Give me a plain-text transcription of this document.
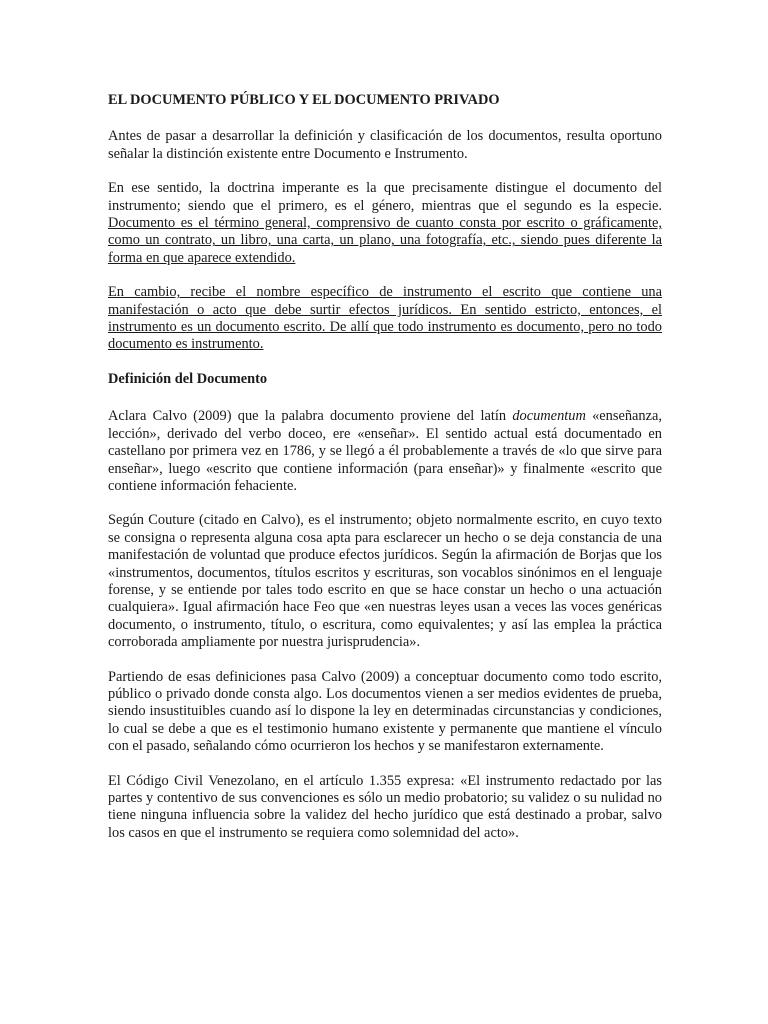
EL DOCUMENTO PÚBLICO Y EL DOCUMENTO PRIVADO

Antes de pasar a desarrollar la definición y clasificación de los documentos, resulta oportuno señalar la distinción existente entre Documento e Instrumento.

En ese sentido, la doctrina imperante es la que precisamente distingue el documento del instrumento; siendo que el primero, es el género, mientras que el segundo es la especie. Documento es el término general, comprensivo de cuanto consta por escrito o gráficamente, como un contrato, un libro, una carta, un plano, una fotografía, etc., siendo pues diferente la forma en que aparece extendido.

En cambio, recibe el nombre específico de instrumento el escrito que contiene una manifestación o acto que debe surtir efectos jurídicos. En sentido estricto, entonces, el instrumento es un documento escrito. De allí que todo instrumento es documento, pero no todo documento es instrumento.

Definición del Documento

Aclara Calvo (2009) que la palabra documento proviene del latín documentum «enseñanza, lección», derivado del verbo doceo, ere «enseñar». El sentido actual está documentado en castellano por primera vez en 1786, y se llegó a él probablemente a través de «lo que sirve para enseñar», luego «escrito que contiene información (para enseñar)» y finalmente «escrito que contiene información fehaciente.

Según Couture (citado en Calvo), es el instrumento; objeto normalmente escrito, en cuyo texto se consigna o representa alguna cosa apta para esclarecer un hecho o se deja constancia de una manifestación de voluntad que produce efectos jurídicos. Según la afirmación de Borjas que los «instrumentos, documentos, títulos escritos y escrituras, son vocablos sinónimos en el lenguaje forense, y se entiende por tales todo escrito en que se hace constar un hecho o una actuación cualquiera». Igual afirmación hace Feo que «en nuestras leyes usan a veces las voces genéricas documento, o instrumento, título, o escritura, como equivalentes; y así las emplea la práctica corroborada ampliamente por nuestra jurisprudencia».

Partiendo de esas definiciones pasa Calvo (2009) a conceptuar documento como todo escrito, público o privado donde consta algo. Los documentos vienen a ser medios evidentes de prueba, siendo insustituibles cuando así lo dispone la ley en determinadas circunstancias y condiciones, lo cual se debe a que es el testimonio humano existente y permanente que mantiene el vínculo con el pasado, señalando cómo ocurrieron los hechos y se manifestaron externamente.

El Código Civil Venezolano, en el artículo 1.355 expresa: «El instrumento redactado por las partes y contentivo de sus convenciones es sólo un medio probatorio; su validez o su nulidad no tiene ninguna influencia sobre la validez del hecho jurídico que está destinado a probar, salvo los casos en que el instrumento se requiera como solemnidad del acto».
